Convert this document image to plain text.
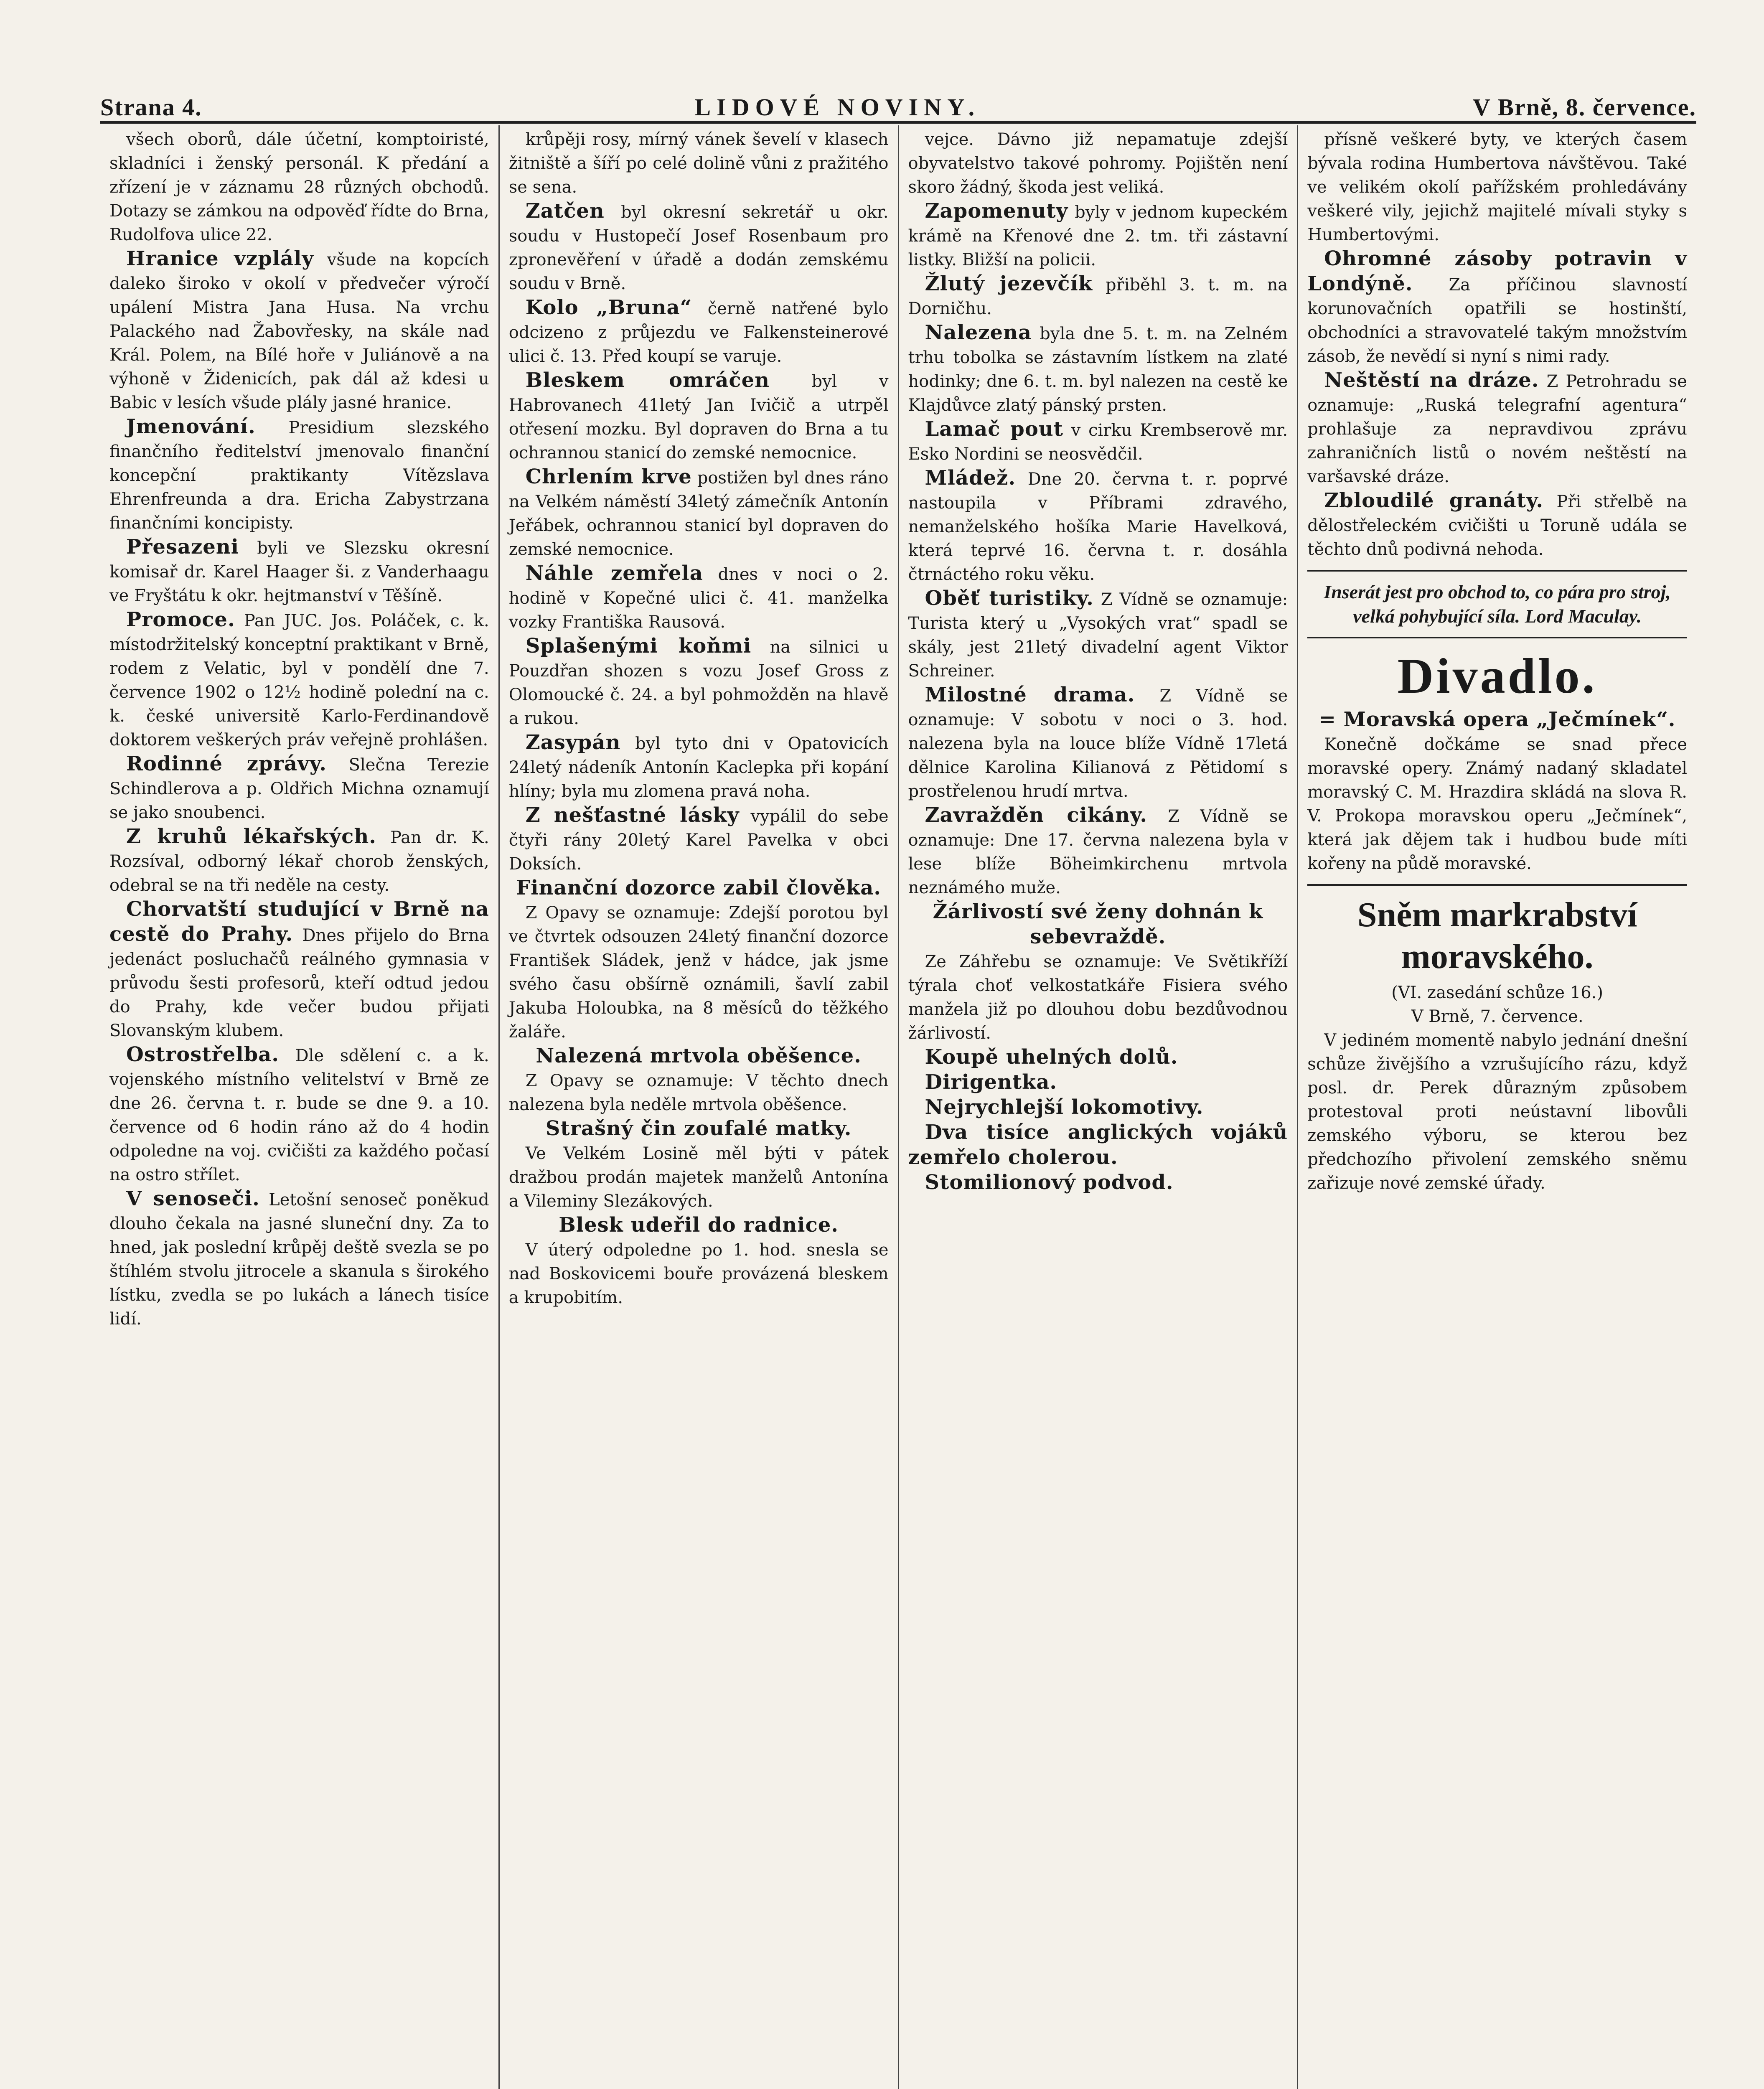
Strana 4.	LIDOVÉ NOVINY.	V Brně, 8. července.

všech oborů, dále účetní, komptoiristé, skladníci i ženský personál. K předání a zřízení je v záznamu 28 různých obchodů. Dotazy se zámkou na odpověď řídte do Brna, Rudolfova ulice 22.

Hranice vzplály všude na kopcích daleko široko v okolí v předvečer výročí upálení Mistra Jana Husa. Na vrchu Palackého nad Žabovřesky, na skále nad Král. Polem, na Bílé hoře v Juliánově a na výhoně v Židenicích, pak dál až kdesi u Babic v lesích všude plály jasné hranice.

Jmenování. Presidium slezského finančního ředitelství jmenovalo finanční koncepční praktikanty Vítězslava Ehrenfreunda a dra. Ericha Zabystrzana finančními koncipisty.

Přesazeni byli ve Slezsku okresní komisař dr. Karel Haager ši. z Vanderhaagu ve Fryštátu k okr. hejtmanství v Těšíně.

Promoce. Pan JUC. Jos. Poláček, c. k. místodržitelský konceptní praktikant v Brně, rodem z Velatic, byl v pondělí dne 7. července 1902 o 12½ hodině polední na c. k. české universitě Karlo-Ferdinandově doktorem veškerých práv veřejně prohlášen.

Rodinné zprávy. Slečna Terezie Schindlerova a p. Oldřich Michna oznamují se jako snoubenci.

Z kruhů lékařských. Pan dr. K. Rozsíval, odborný lékař chorob ženských, odebral se na tři neděle na cesty.

Chorvatští studující v Brně na cestě do Prahy. Dnes přijelo do Brna jedenáct posluchačů reálného gymnasia v průvodu šesti profesorů, kteří odtud jedou do Prahy, kde večer budou přijati Slovanským klubem.

Ostrostřelba. Dle sdělení c. a k. vojenského místního velitelství v Brně ze dne 26. června t. r. bude se dne 9. a 10. července od 6 hodin ráno až do 4 hodin odpoledne na voj. cvičišti za každého počasí na ostro střílet.

V senoseči. Letošní senoseč poněkud dlouho čekala na jasné sluneční dny. Za to hned, jak poslední krůpěj deště svezla se po štíhlém stvolu jitrocele a skanula s širokého lístku, zvedla se po lukách a lánech tisíce lidí.

krůpěji rosy, mírný vánek ševelí v klasech žitniště a šíří po celé dolině vůni z pražitého se sena.

Zatčen byl okresní sekretář u okr. soudu v Hustopečí Josef Rosenbaum pro zpronevěření v úřadě a dodán zemskému soudu v Brně.

Kolo „Bruna“ černě natřené bylo odcizeno z průjezdu ve Falkensteinerové ulici č. 13. Před koupí se varuje.

Bleskem omráčen	byl v Habrovanech 41letý Jan Ivičič a utrpěl otřesení mozku. Byl dopraven do Brna a tu ochrannou stanicí do zemské nemocnice.

Chrlením krve postižen byl dnes ráno na Velkém náměstí 34letý zámečník Antonín Jeřábek, ochrannou stanicí byl dopraven do zemské nemocnice.

Náhle zemřela dnes v noci o 2. hodině v Kopečné ulici č. 41. manželka vozky Františka Rausová.

Splašenými koňmi na silnici u Pouzdřan shozen s vozu Josef Gross z Olomoucké č. 24. a byl pohmožděn na hlavě a rukou.

Zasypán byl tyto dni v Opatovicích 24letý nádeník Antonín Kaclepka při kopání hlíny; byla mu zlomena pravá noha.

Z nešťastné lásky vypálil do sebe čtyři rány 20letý Karel Pavelka v obci Doksích.

Finanční dozorce zabil člověka.

Z Opavy se oznamuje: Zdejší porotou byl ve čtvrtek odsouzen 24letý finanční dozorce František Sládek, jenž v hádce, jak jsme svého času obšírně oznámili, šavlí zabil Jakuba Holoubka, na 8 měsíců do těžkého žaláře.

Nalezená mrtvola oběšence.

Z Opavy se oznamuje: V těchto dnech nalezena byla neděle mrtvola oběšence.

Strašný čin zoufalé matky.

Ve Velkém Losině měl býti v pátek dražbou prodán majetek manželů Antonína a Vileminy Slezákových.

Blesk udeřil do radnice.

V úterý odpoledne po 1. hod. snesla se nad Boskovicemi bouře provázená bleskem a krupobitím.

vejce. Dávno již nepamatuje zdejší obyvatelstvo takové pohromy. Pojištěn není skoro žádný, škoda jest veliká.

Zapomenuty byly v jednom kupeckém krámě na Křenové dne 2. tm. tři zástavní listky. Bližší na policii.

Žlutý jezevčík přiběhl 3. t. m. na Dorničhu.

Nalezena byla dne 5. t. m. na Zelném trhu tobolka se zástavním lístkem na zlaté hodinky; dne 6. t. m. byl nalezen na cestě ke Klajdůvce zlatý pánský prsten.

Lamač pout v cirku Krembserově mr. Esko Nordini se neosvědčil.

Mládež. Dne 20. června t. r. poprvé nastoupila v Příbrami zdravého, nemanželského hošíka Marie Havelková, která teprvé 16. června t. r. dosáhla čtrnáctého roku věku.

Oběť turistiky. Z Vídně se oznamuje: Turista který u „Vysokých vrat“ spadl se skály, jest 21letý divadelní agent Viktor Schreiner.

Milostné drama. Z Vídně se oznamuje: V sobotu v noci o 3. hod. nalezena byla na louce blíže Vídně 17letá dělnice Karolina Kilianová z Pětidomí s prostřelenou hrudí mrtva.

Zavražděn cikány. Z Vídně se oznamuje: Dne 17. června nalezena byla v lese blíže Böheimkirchenu mrtvola neznámého muže.

Žárlivostí své ženy dohnán k sebevraždě.

Ze Záhřebu se oznamuje: Ve Světikříží týrala choť velkostatkáře Fisiera svého manžela již po dlouhou dobu bezdůvodnou žárlivostí.

Koupě uhelných dolů.

Dirigentka.

Nejrychlejší lokomotivy.

Dva tisíce anglických vojáků zemřelo cholerou.

Stomilionový podvod.

přísně veškeré byty, ve kterých časem bývala rodina Humbertova návštěvou. Také ve velikém okolí pařížském prohledávány veškeré vily, jejichž majitelé mívali styky s Humbertovými.

Ohromné zásoby potravin v Londýně. Za příčinou slavností korunovačních opatřili se hostinští, obchodníci a stravovatelé takým množstvím zásob, že nevědí si nyní s nimi rady.

Neštěstí na dráze. Z Petrohradu se oznamuje: „Ruská telegrafní agentura“ prohlašuje za nepravdivou zprávu zahraničních listů o novém neštěstí na varšavské dráze.

Zbloudilé granáty. Při střelbě na dělostřeleckém cvičišti u Toruně udála se těchto dnů podivná nehoda.

Inserát jest pro obchod to, co pára pro stroj, velká pohybující síla. Lord Maculay.
Divadlo.

= Moravská opera „Ječmínek“.

Konečně dočkáme se snad přece moravské opery. Známý nadaný skladatel moravský C. M. Hrazdira skládá na slova R. V. Prokopa moravskou operu „Ječmínek“, která jak dějem tak i hudbou bude míti kořeny na půdě moravské.

Sněm markrabství moravského.

(VI. zasedání schůze 16.)

V Brně, 7. července.

V jediném momentě nabylo jednání dnešní schůze živějšího a vzrušujícího rázu, když posl. dr. Perek důrazným způsobem protestoval proti neústavní libovůli zemského výboru, se kterou bez předchozího přivolení zemského sněmu zařizuje nové zemské úřady.
